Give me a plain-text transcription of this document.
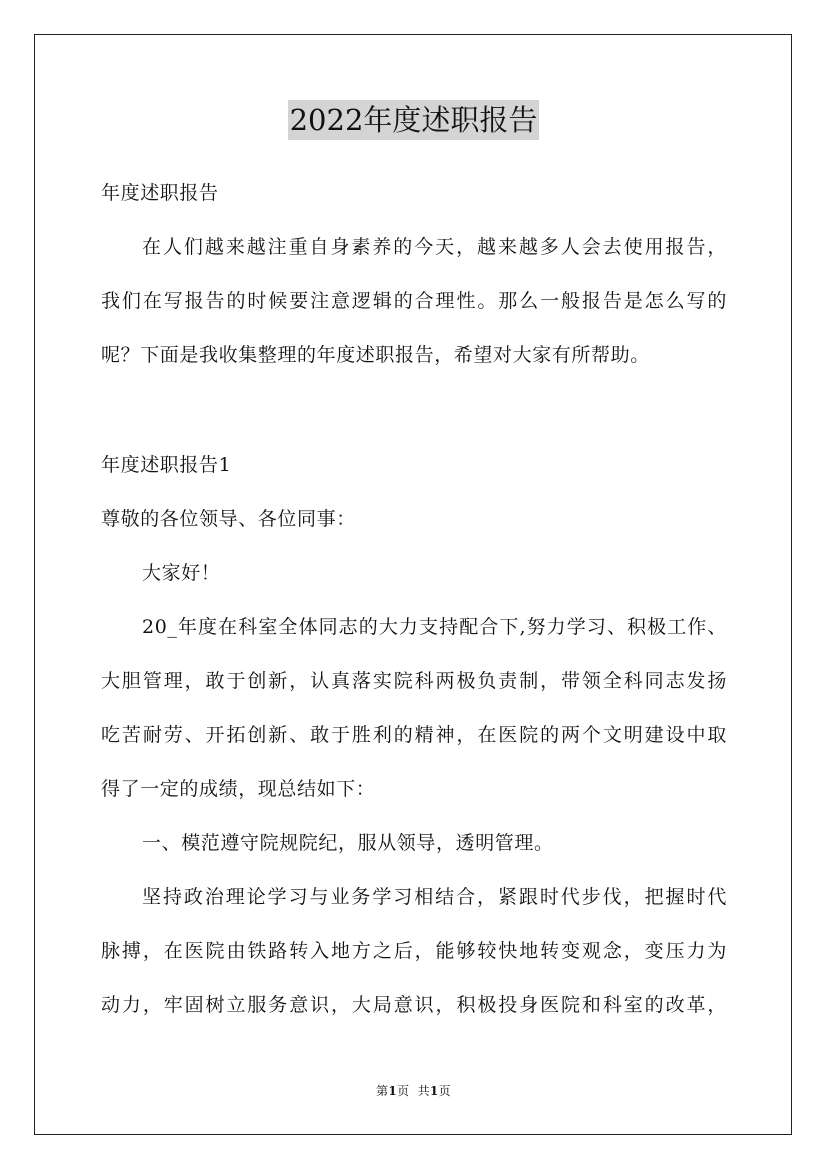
2022年度述职报告
年度述职报告
在人们越来越注重自身素养的今天，越来越多人会去使用报告，
我们在写报告的时候要注意逻辑的合理性。那么一般报告是怎么写的
呢？下面是我收集整理的年度述职报告，希望对大家有所帮助。
年度述职报告1
尊敬的各位领导、各位同事：
大家好！
20_年度在科室全体同志的大力支持配合下,努力学习、积极工作、
大胆管理，敢于创新，认真落实院科两极负责制，带领全科同志发扬
吃苦耐劳、开拓创新、敢于胜利的精神，在医院的两个文明建设中取
得了一定的成绩，现总结如下：
一、模范遵守院规院纪，服从领导，透明管理。
坚持政治理论学习与业务学习相结合，紧跟时代步伐，把握时代
脉搏，在医院由铁路转入地方之后，能够较快地转变观念，变压力为
动力，牢固树立服务意识，大局意识，积极投身医院和科室的改革，
第1页 共1页
